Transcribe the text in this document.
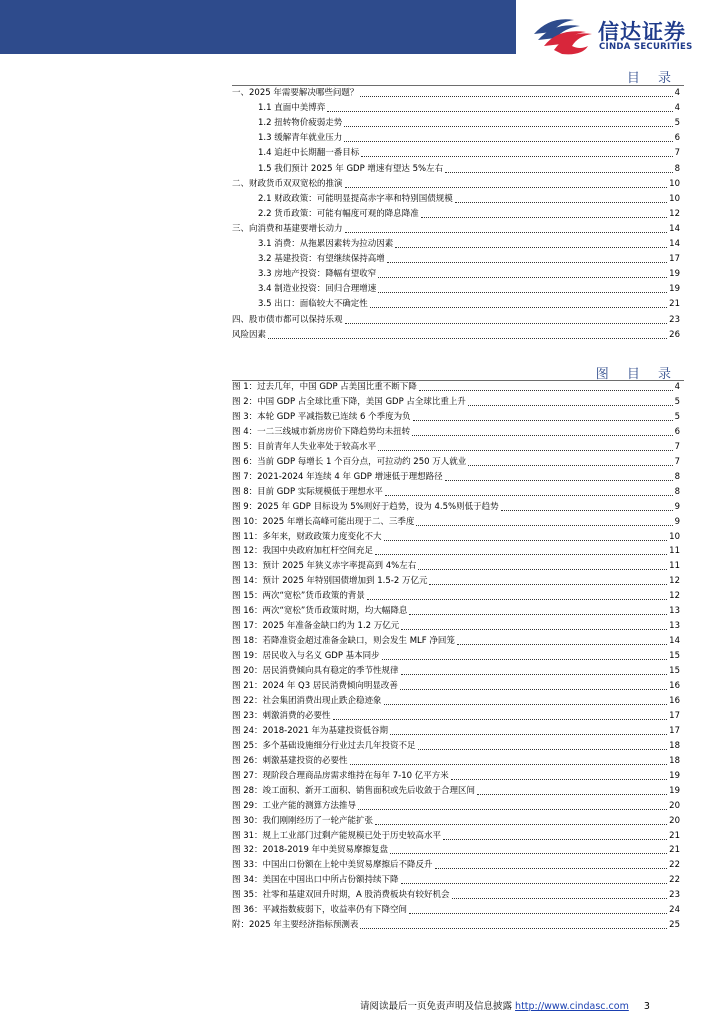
信达证券
CINDA SECURITIES
目 录
一、2025 年需要解决哪些问题？	4
1.1 直面中美博弈	4
1.2 扭转物价疲弱走势	5
1.3 缓解青年就业压力	6
1.4 追赶中长期翻一番目标	7
1.5 我们预计 2025 年 GDP 增速有望达 5%左右	8
二、财政货币双双宽松的推演	10
2.1 财政政策：可能明显提高赤字率和特别国债规模	10
2.2 货币政策：可能有幅度可观的降息降准	12
三、向消费和基建要增长动力	14
3.1 消费：从拖累因素转为拉动因素	14
3.2 基建投资：有望继续保持高增	17
3.3 房地产投资：降幅有望收窄	19
3.4 制造业投资：回归合理增速	19
3.5 出口：面临较大不确定性	21
四、股市债市都可以保持乐观	23
风险因素	26
图 目 录
图 1：过去几年，中国 GDP 占美国比重不断下降	4
图 2：中国 GDP 占全球比重下降，美国 GDP 占全球比重上升	5
图 3：本轮 GDP 平减指数已连续 6 个季度为负	5
图 4：一二三线城市新房房价下降趋势均未扭转	6
图 5：目前青年人失业率处于较高水平	7
图 6：当前 GDP 每增长 1 个百分点，可拉动约 250 万人就业	7
图 7：2021-2024 年连续 4 年 GDP 增速低于理想路径	8
图 8：目前 GDP 实际规模低于理想水平	8
图 9：2025 年 GDP 目标设为 5%则好于趋势，设为 4.5%则低于趋势	9
图 10：2025 年增长高峰可能出现于二、三季度	9
图 11：多年来，财政政策力度变化不大	10
图 12：我国中央政府加杠杆空间充足	11
图 13：预计 2025 年狭义赤字率提高到 4%左右	11
图 14：预计 2025 年特别国债增加到 1.5-2 万亿元	12
图 15：两次“宽松”货币政策的背景	12
图 16：两次“宽松”货币政策时期，均大幅降息	13
图 17：2025 年准备金缺口约为 1.2 万亿元	13
图 18：若降准资金超过准备金缺口，则会发生 MLF 净回笼	14
图 19：居民收入与名义 GDP 基本同步	15
图 20：居民消费倾向具有稳定的季节性规律	15
图 21：2024 年 Q3 居民消费倾向明显改善	16
图 22：社会集团消费出现止跌企稳迹象	16
图 23：刺激消费的必要性	17
图 24：2018-2021 年为基建投资低谷期	17
图 25：多个基础设施细分行业过去几年投资不足	18
图 26：刺激基建投资的必要性	18
图 27：现阶段合理商品房需求维持在每年 7-10 亿平方米	19
图 28：竣工面积、新开工面积、销售面积或先后收敛于合理区间	19
图 29：工业产能的测算方法推导	20
图 30：我们刚刚经历了一轮产能扩张	20
图 31：规上工业部门过剩产能规模已处于历史较高水平	21
图 32：2018-2019 年中美贸易摩擦复盘	21
图 33：中国出口份额在上轮中美贸易摩擦后不降反升	22
图 34：美国在中国出口中所占份额持续下降	22
图 35：社零和基建双回升时期，A 股消费板块有较好机会	23
图 36：平减指数疲弱下，收益率仍有下降空间	24
附：2025 年主要经济指标预测表	25
请阅读最后一页免责声明及信息披露 http://www.cindasc.com 3
